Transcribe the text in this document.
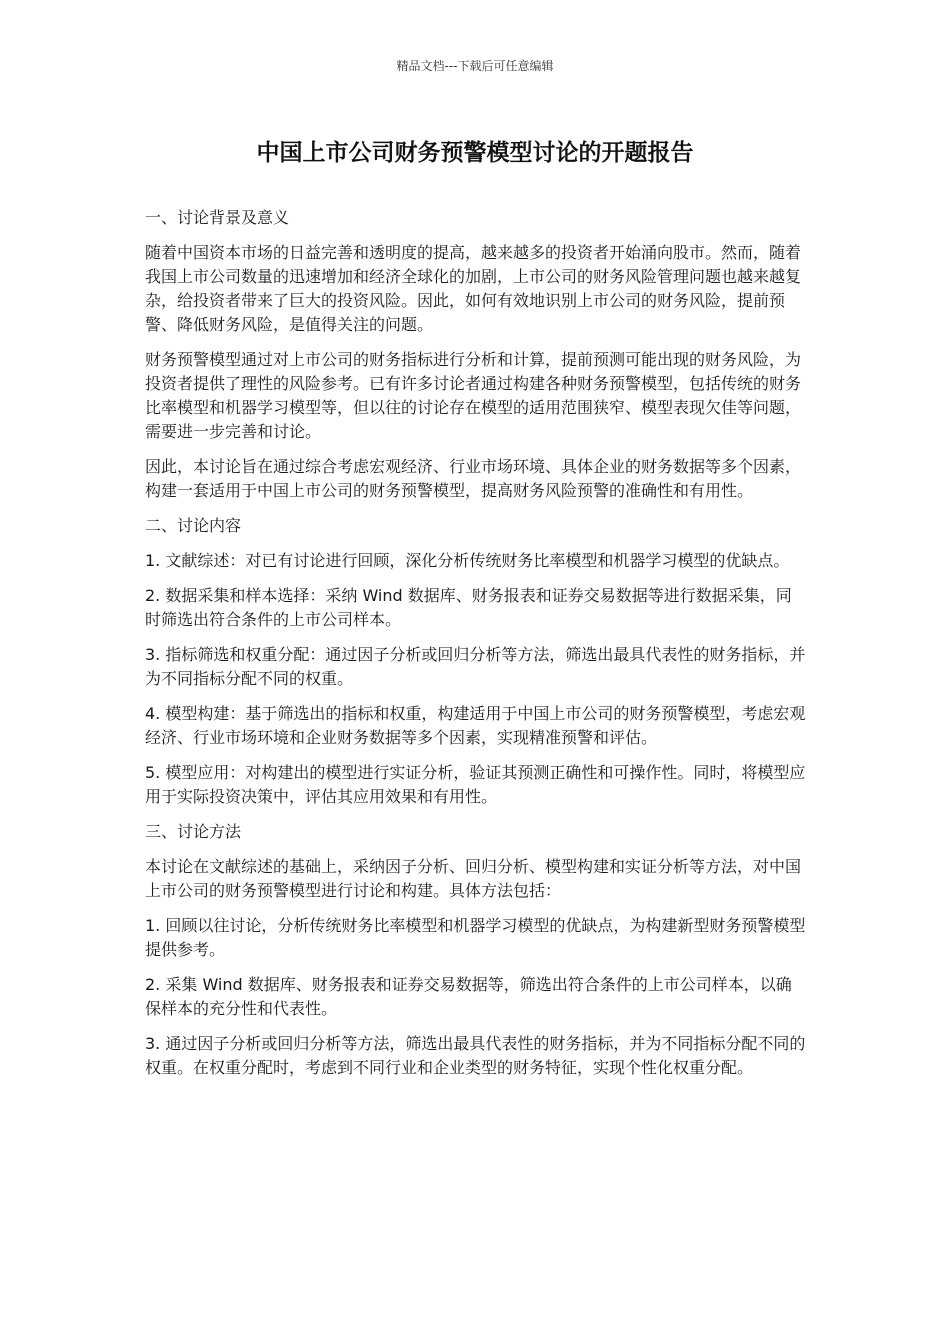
精品文档---下载后可任意编辑
中国上市公司财务预警模型讨论的开题报告

一、讨论背景及意义

随着中国资本市场的日益完善和透明度的提高，越来越多的投资者开始涌向股市。然而，随着我国上市公司数量的迅速增加和经济全球化的加剧，上市公司的财务风险管理问题也越来越复杂，给投资者带来了巨大的投资风险。因此，如何有效地识别上市公司的财务风险，提前预警、降低财务风险，是值得关注的问题。

财务预警模型通过对上市公司的财务指标进行分析和计算，提前预测可能出现的财务风险，为投资者提供了理性的风险参考。已有许多讨论者通过构建各种财务预警模型，包括传统的财务比率模型和机器学习模型等，但以往的讨论存在模型的适用范围狭窄、模型表现欠佳等问题，需要进一步完善和讨论。

因此，本讨论旨在通过综合考虑宏观经济、行业市场环境、具体企业的财务数据等多个因素，构建一套适用于中国上市公司的财务预警模型，提高财务风险预警的准确性和有用性。

二、讨论内容

1. 文献综述：对已有讨论进行回顾，深化分析传统财务比率模型和机器学习模型的优缺点。

2. 数据采集和样本选择：采纳 Wind 数据库、财务报表和证券交易数据等进行数据采集，同时筛选出符合条件的上市公司样本。

3. 指标筛选和权重分配：通过因子分析或回归分析等方法，筛选出最具代表性的财务指标，并为不同指标分配不同的权重。

4. 模型构建：基于筛选出的指标和权重，构建适用于中国上市公司的财务预警模型，考虑宏观经济、行业市场环境和企业财务数据等多个因素，实现精准预警和评估。

5. 模型应用：对构建出的模型进行实证分析，验证其预测正确性和可操作性。同时，将模型应用于实际投资决策中，评估其应用效果和有用性。

三、讨论方法

本讨论在文献综述的基础上，采纳因子分析、回归分析、模型构建和实证分析等方法，对中国上市公司的财务预警模型进行讨论和构建。具体方法包括：

1. 回顾以往讨论，分析传统财务比率模型和机器学习模型的优缺点，为构建新型财务预警模型提供参考。

2. 采集 Wind 数据库、财务报表和证券交易数据等，筛选出符合条件的上市公司样本，以确保样本的充分性和代表性。

3. 通过因子分析或回归分析等方法，筛选出最具代表性的财务指标，并为不同指标分配不同的权重。在权重分配时，考虑到不同行业和企业类型的财务特征，实现个性化权重分配。
